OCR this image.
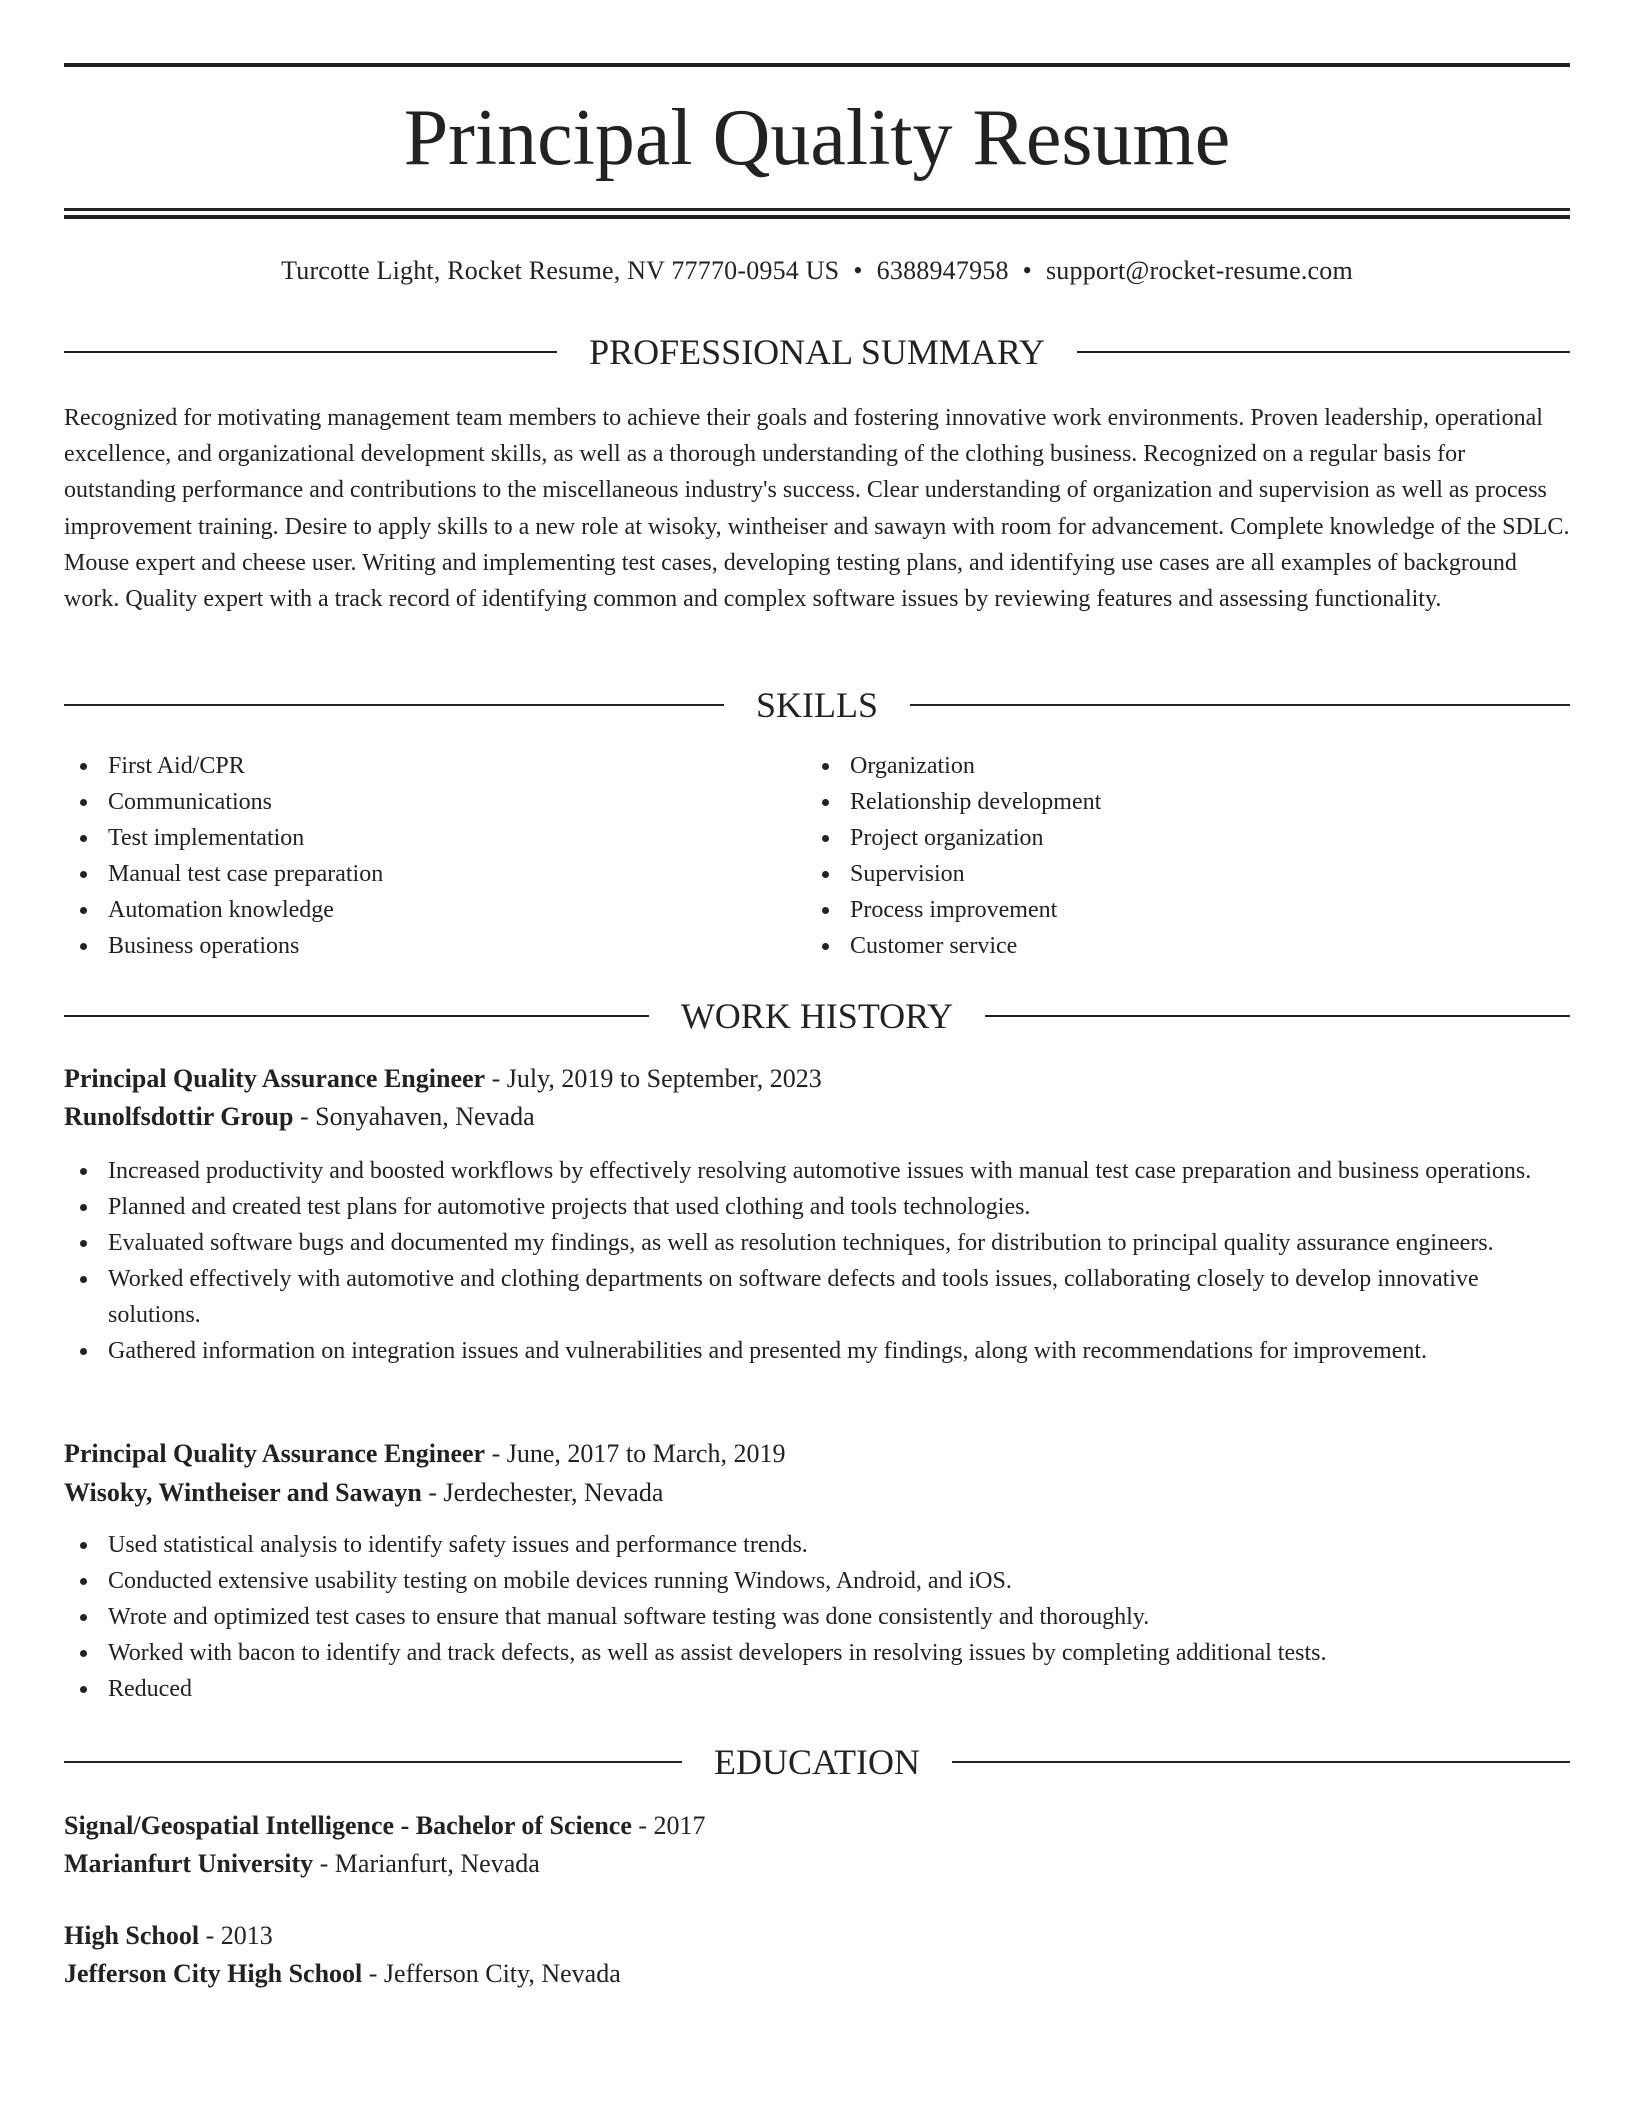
Principal Quality Resume
Turcotte Light, Rocket Resume, NV 77770-0954 US • 6388947958 • support@rocket-resume.com
PROFESSIONAL SUMMARY

Recognized for motivating management team members to achieve their goals and fostering innovative work environments. Proven leadership, operational excellence, and organizational development skills, as well as a thorough understanding of the clothing business. Recognized on a regular basis for outstanding performance and contributions to the miscellaneous industry's success. Clear understanding of organization and supervision as well as process improvement training. Desire to apply skills to a new role at wisoky, wintheiser and sawayn with room for advancement. Complete knowledge of the SDLC. Mouse expert and cheese user. Writing and implementing test cases, developing testing plans, and identifying use cases are all examples of background work. Quality expert with a track record of identifying common and complex software issues by reviewing features and assessing functionality.

SKILLS
First Aid/CPR
Communications
Test implementation
Manual test case preparation
Automation knowledge
Business operations
Organization
Relationship development
Project organization
Supervision
Process improvement
Customer service
WORK HISTORY
Principal Quality Assurance Engineer - July, 2019 to September, 2023
Runolfsdottir Group - Sonyahaven, Nevada
Increased productivity and boosted workflows by effectively resolving automotive issues with manual test case preparation and business operations.
Planned and created test plans for automotive projects that used clothing and tools technologies.
Evaluated software bugs and documented my findings, as well as resolution techniques, for distribution to principal quality assurance engineers.
Worked effectively with automotive and clothing departments on software defects and tools issues, collaborating closely to develop innovative solutions.
Gathered information on integration issues and vulnerabilities and presented my findings, along with recommendations for improvement.
Principal Quality Assurance Engineer - June, 2017 to March, 2019
Wisoky, Wintheiser and Sawayn - Jerdechester, Nevada
Used statistical analysis to identify safety issues and performance trends.
Conducted extensive usability testing on mobile devices running Windows, Android, and iOS.
Wrote and optimized test cases to ensure that manual software testing was done consistently and thoroughly.
Worked with bacon to identify and track defects, as well as assist developers in resolving issues by completing additional tests.
Reduced
EDUCATION
Signal/Geospatial Intelligence - Bachelor of Science - 2017
Marianfurt University - Marianfurt, Nevada
High School - 2013
Jefferson City High School - Jefferson City, Nevada
